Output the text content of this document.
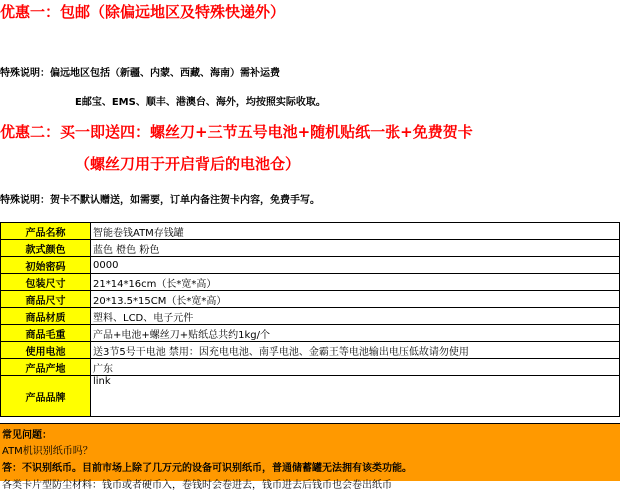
优惠一：包邮（除偏远地区及特殊快递外）
特殊说明：偏远地区包括（新疆、内蒙、西藏、海南）需补运费
E邮宝、EMS、顺丰、港澳台、海外，均按照实际收取。
优惠二：买一即送四：螺丝刀+三节五号电池+随机贴纸一张+免费贺卡
（螺丝刀用于开启背后的电池仓）
特殊说明：贺卡不默认赠送，如需要，订单内备注贺卡内容，免费手写。
产品名称	智能卷钱ATM存钱罐
款式颜色	蓝色 橙色 粉色
初始密码	0000
包装尺寸	21*14*16cm（长*宽*高）
商品尺寸	20*13.5*15CM（长*宽*高）
商品材质	塑料、LCD、电子元件
商品毛重	产品+电池+螺丝刀+贴纸总共约1kg/个
使用电池	送3节5号干电池 禁用：因充电电池、南孚电池、金霸王等电池输出电压低故请勿使用
产品产地	广东
产品品牌	link
常见问题：
ATM机识别纸币吗？
答：不识别纸币。目前市场上除了几万元的设备可识别纸币，普通储蓄罐无法拥有该类功能。
各类卡片型防尘材料：钱币或者硬币入，卷钱时会卷进去，钱币进去后钱币也会卷出纸币
